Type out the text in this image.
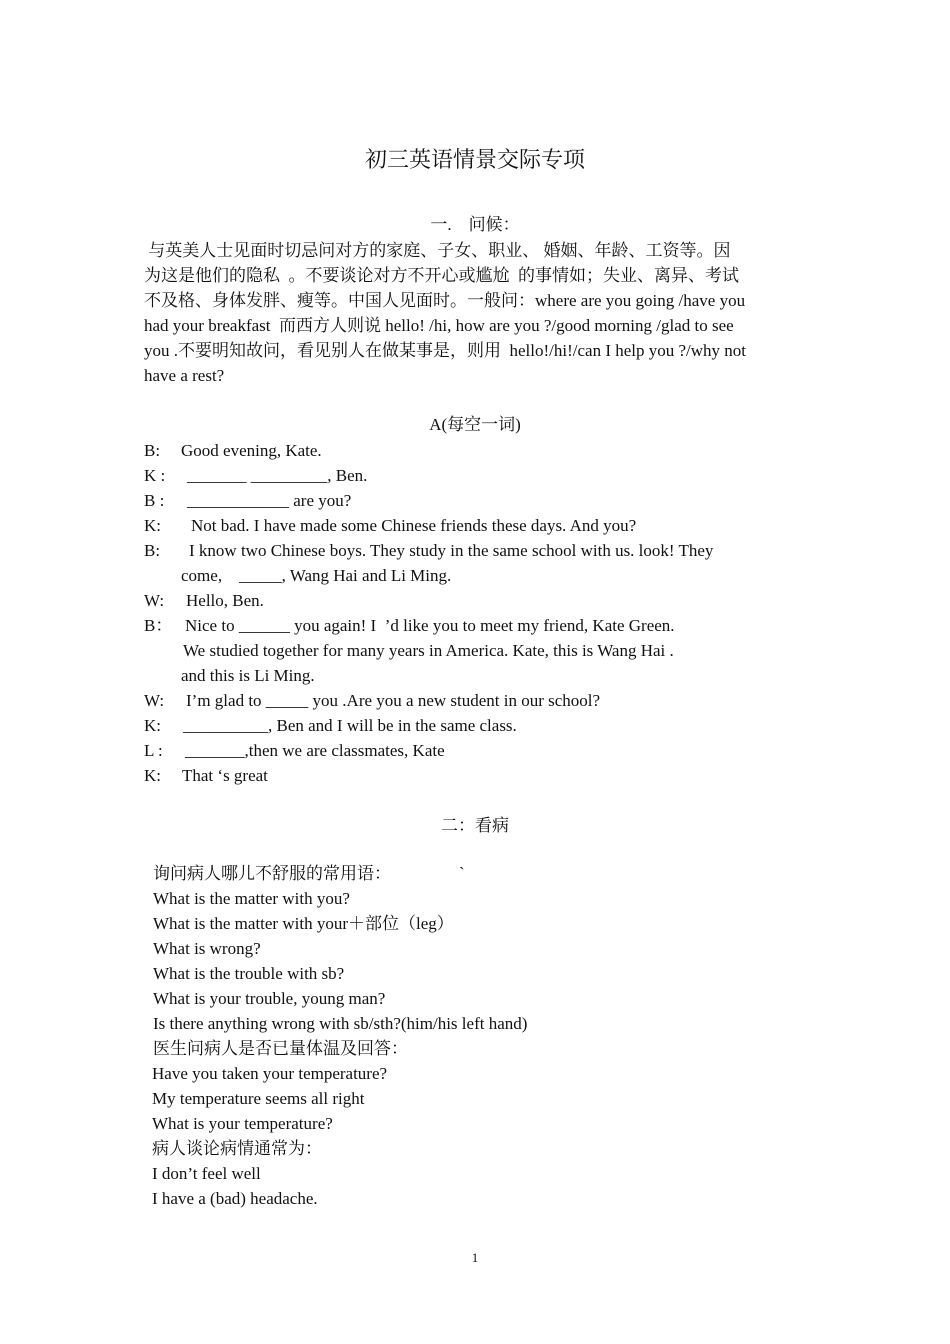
初三英语情景交际专项
一.    问候：
与英美人士见面时切忌问对方的家庭、子女、职业、 婚姻、年龄、工资等。因
为这是他们的隐私  。不要谈论对方不开心或尴尬  的事情如；失业、离异、考试
不及格、身体发胖、瘦等。中国人见面时。一般问：where are you going /have you
had your breakfast  而西方人则说 hello! /hi, how are you ?/good morning /glad to see
you .不要明知故问，看见别人在做某事是，则用  hello!/hi!/can I help you ?/why not
have a rest?
A(每空一词)
B: Good evening, Kate.
K : _______ _________, Ben.
B : ____________ are you?
K: Not bad. I have made some Chinese friends these days. And you?
B: I know two Chinese boys. They study in the same school with us. look! They
come,    _____, Wang Hai and Li Ming.
W: Hello, Ben.
B： Nice to ______ you again! I  ’d like you to meet my friend, Kate Green.
We studied together for many years in America. Kate, this is Wang Hai .
and this is Li Ming.
W: I’m glad to _____ you .Are you a new student in our school?
K: __________, Ben and I will be in the same class.
L : _______,then we are classmates, Kate
K: That ‘s great
二：看病
询问病人哪儿不舒服的常用语：                `
What is the matter with you?
What is the matter with your＋部位（leg）
What is wrong?
What is the trouble with sb?
What is your trouble, young man?
Is there anything wrong with sb/sth?(him/his left hand)
医生问病人是否已量体温及回答：
Have you taken your temperature?
My temperature seems all right
What is your temperature?
病人谈论病情通常为：
I don’t feel well
I have a (bad) headache.
1
